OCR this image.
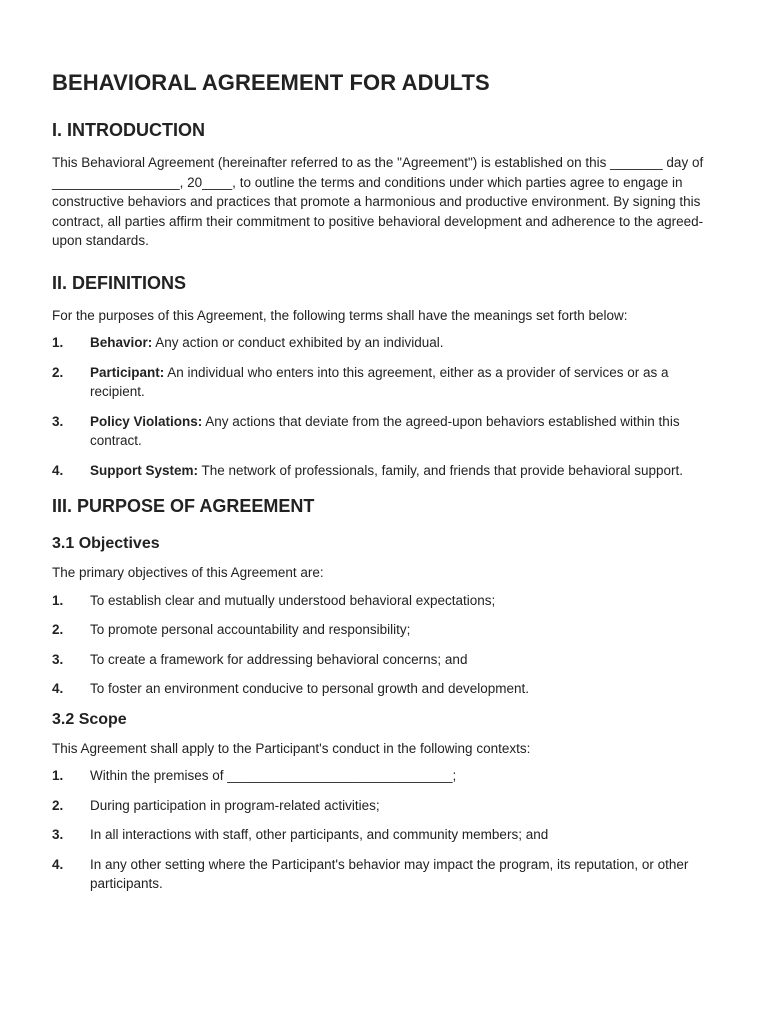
BEHAVIORAL AGREEMENT FOR ADULTS
I. INTRODUCTION

This Behavioral Agreement (hereinafter referred to as the "Agreement") is established on this _______ day of _________________, 20____, to outline the terms and conditions under which parties agree to engage in constructive behaviors and practices that promote a harmonious and productive environment. By signing this contract, all parties affirm their commitment to positive behavioral development and adherence to the agreed-upon standards.

II. DEFINITIONS

For the purposes of this Agreement, the following terms shall have the meanings set forth below:

1.	Behavior: Any action or conduct exhibited by an individual.
2.	Participant: An individual who enters into this agreement, either as a provider of services or as a recipient.
3.	Policy Violations: Any actions that deviate from the agreed-upon behaviors established within this contract.
4.	Support System: The network of professionals, family, and friends that provide behavioral support.
III. PURPOSE OF AGREEMENT
3.1 Objectives

The primary objectives of this Agreement are:

1.	To establish clear and mutually understood behavioral expectations;
2.	To promote personal accountability and responsibility;
3.	To create a framework for addressing behavioral concerns; and
4.	To foster an environment conducive to personal growth and development.
3.2 Scope

This Agreement shall apply to the Participant's conduct in the following contexts:

1.	Within the premises of ______________________________;
2.	During participation in program-related activities;
3.	In all interactions with staff, other participants, and community members; and
4.	In any other setting where the Participant's behavior may impact the program, its reputation, or other participants.
